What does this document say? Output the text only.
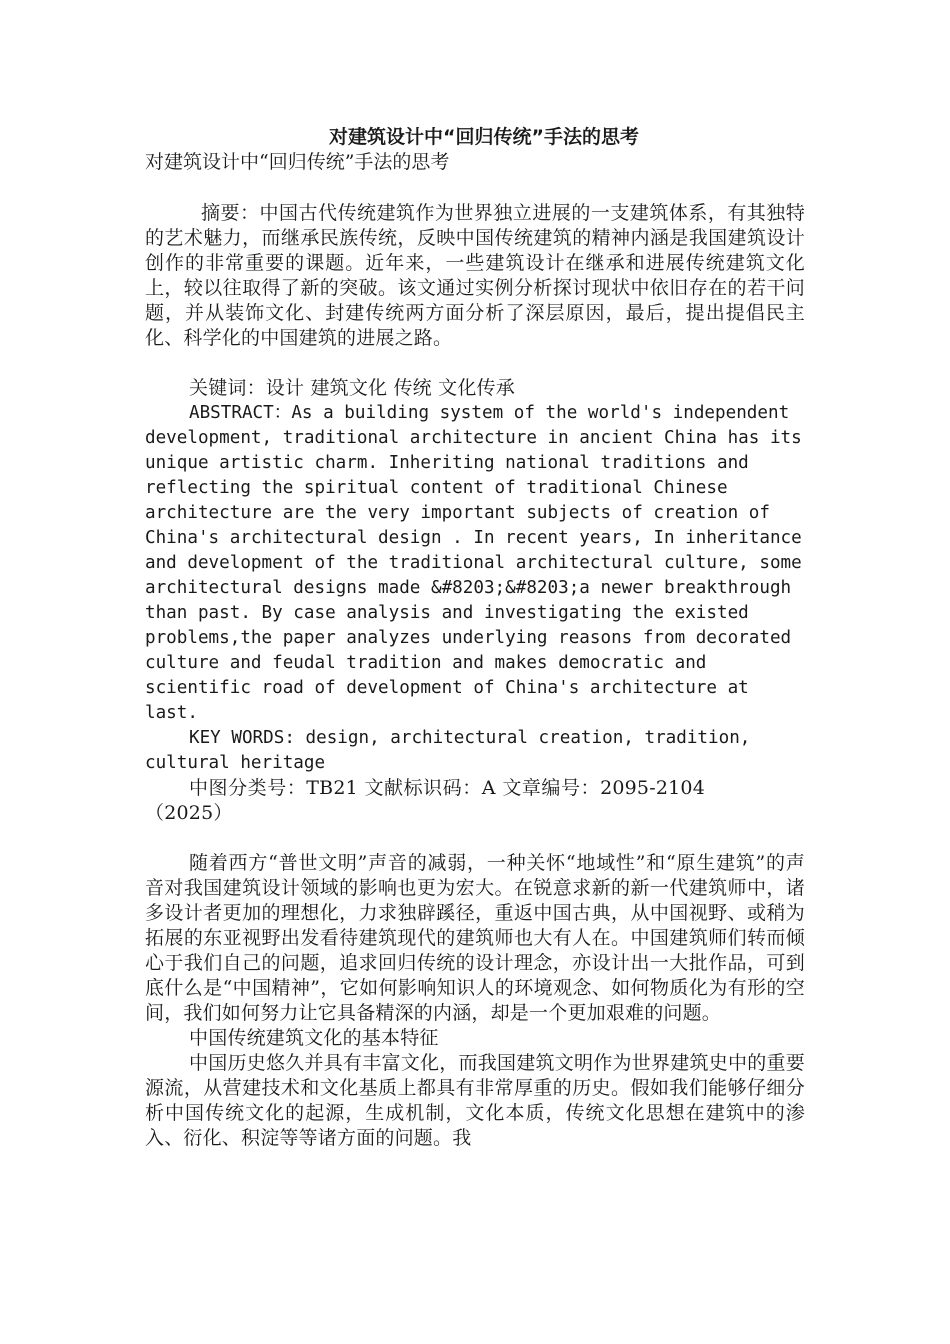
对建筑设计中“回归传统”手法的思考
对建筑设计中“回归传统”手法的思考

摘要：中国古代传统建筑作为世界独立进展的一支建筑体系，有其独特的艺术魅力，而继承民族传统，反映中国传统建筑的精神内涵是我国建筑设计创作的非常重要的课题。近年来，一些建筑设计在继承和进展传统建筑文化上，较以往取得了新的突破。该文通过实例分析探讨现状中依旧存在的若干问题，并从装饰文化、封建传统两方面分析了深层原因，最后，提出提倡民主化、科学化的中国建筑的进展之路。

关键词：设计 建筑文化 传统 文化传承

ABSTRACT：As a building system of the world's independent development, traditional architecture in ancient China has its unique artistic charm. Inheriting national traditions and reflecting the spiritual content of traditional Chinese architecture are the very important subjects of creation of China's architectural design . In recent years, In inheritance and development of the traditional architectural culture, some architectural designs made &#8203;&#8203;a newer breakthrough than past. By case analysis and investigating the existed problems,the paper analyzes underlying reasons from decorated culture and feudal tradition and makes democratic and scientific road of development of China's architecture at last.

KEY WORDS: design, architectural creation, tradition, cultural heritage

中图分类号：TB21 文献标识码：A 文章编号：2095-2104（2025）

随着西方“普世文明”声音的减弱，一种关怀“地域性”和“原生建筑”的声音对我国建筑设计领域的影响也更为宏大。在锐意求新的新一代建筑师中，诸多设计者更加的理想化，力求独辟蹊径，重返中国古典，从中国视野、或稍为拓展的东亚视野出发看待建筑现代的建筑师也大有人在。中国建筑师们转而倾心于我们自己的问题，追求回归传统的设计理念，亦设计出一大批作品，可到底什么是“中国精神”，它如何影响知识人的环境观念、如何物质化为有形的空间，我们如何努力让它具备精深的内涵，却是一个更加艰难的问题。

中国传统建筑文化的基本特征

中国历史悠久并具有丰富文化，而我国建筑文明作为世界建筑史中的重要源流，从营建技术和文化基质上都具有非常厚重的历史。假如我们能够仔细分析中国传统文化的起源，生成机制，文化本质，传统文化思想在建筑中的渗入、衍化、积淀等等诸方面的问题。我
